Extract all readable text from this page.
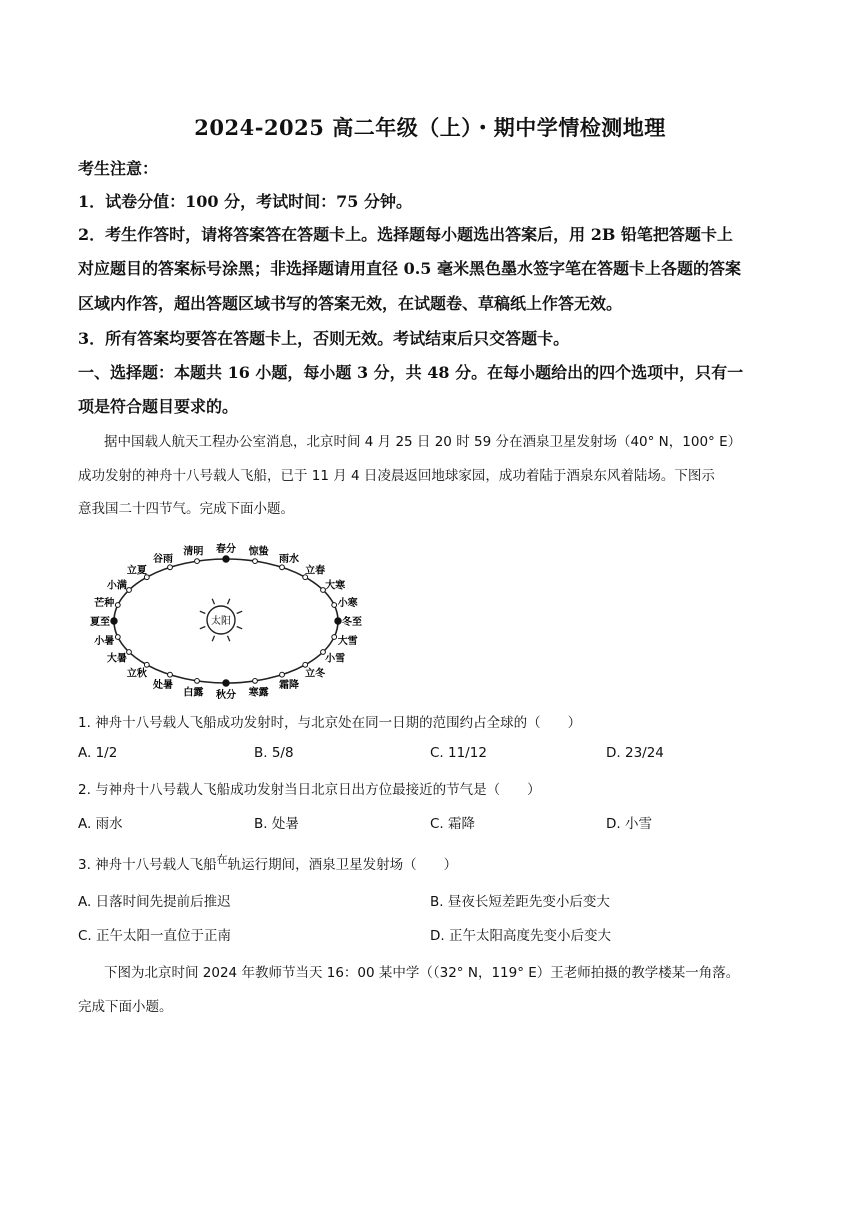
2024-2025 高二年级（上）・期中学情检测地理
考生注意：
1．试卷分值：100 分，考试时间：75 分钟。
2．考生作答时，请将答案答在答题卡上。选择题每小题选出答案后，用 2B 铅笔把答题卡上
对应题目的答案标号涂黑；非选择题请用直径 0.5 毫米黑色墨水签字笔在答题卡上各题的答案
区域内作答，超出答题区域书写的答案无效，在试题卷、草稿纸上作答无效。
3．所有答案均要答在答题卡上，否则无效。考试结束后只交答题卡。
一、选择题：本题共 16 小题，每小题 3 分，共 48 分。在每小题给出的四个选项中，只有一
项是符合题目要求的。
据中国载人航天工程办公室消息，北京时间 4 月 25 日 20 时 59 分在酒泉卫星发射场（40° N，100° E）
成功发射的神舟十八号载人飞船，已于 11 月 4 日凌晨返回地球家园，成功着陆于酒泉东风着陆场。下图示
意我国二十四节气。完成下面小题。
太阳
春分 惊蛰
雨水
立春
大寒
小寒
冬至
大雪
小雪
立冬
霜降
寒露
秋分
白露
处暑
立秋
大暑
小暑
夏至
芒种
小满
立夏
谷雨
清明
1. 神舟十八号载人飞船成功发射时，与北京处在同一日期的范围约占全球的（　　）
A. 1/2	B. 5/8	C. 11/12	D. 23/24
2. 与神舟十八号载人飞船成功发射当日北京日出方位最接近的节气是（　　）
A. 雨水	B. 处暑	C. 霜降	D. 小雪
3. 神舟十八号载人飞船$^在$轨运行期间，酒泉卫星发射场（　　）
A. 日落时间先提前后推迟	B. 昼夜长短差距先变小后变大
C. 正午太阳一直位于正南	D. 正午太阳高度先变小后变大
下图为北京时间 2024 年教师节当天 16：00 某中学（（32° N，119° E）王老师拍摄的教学楼某一角落。
完成下面小题。
